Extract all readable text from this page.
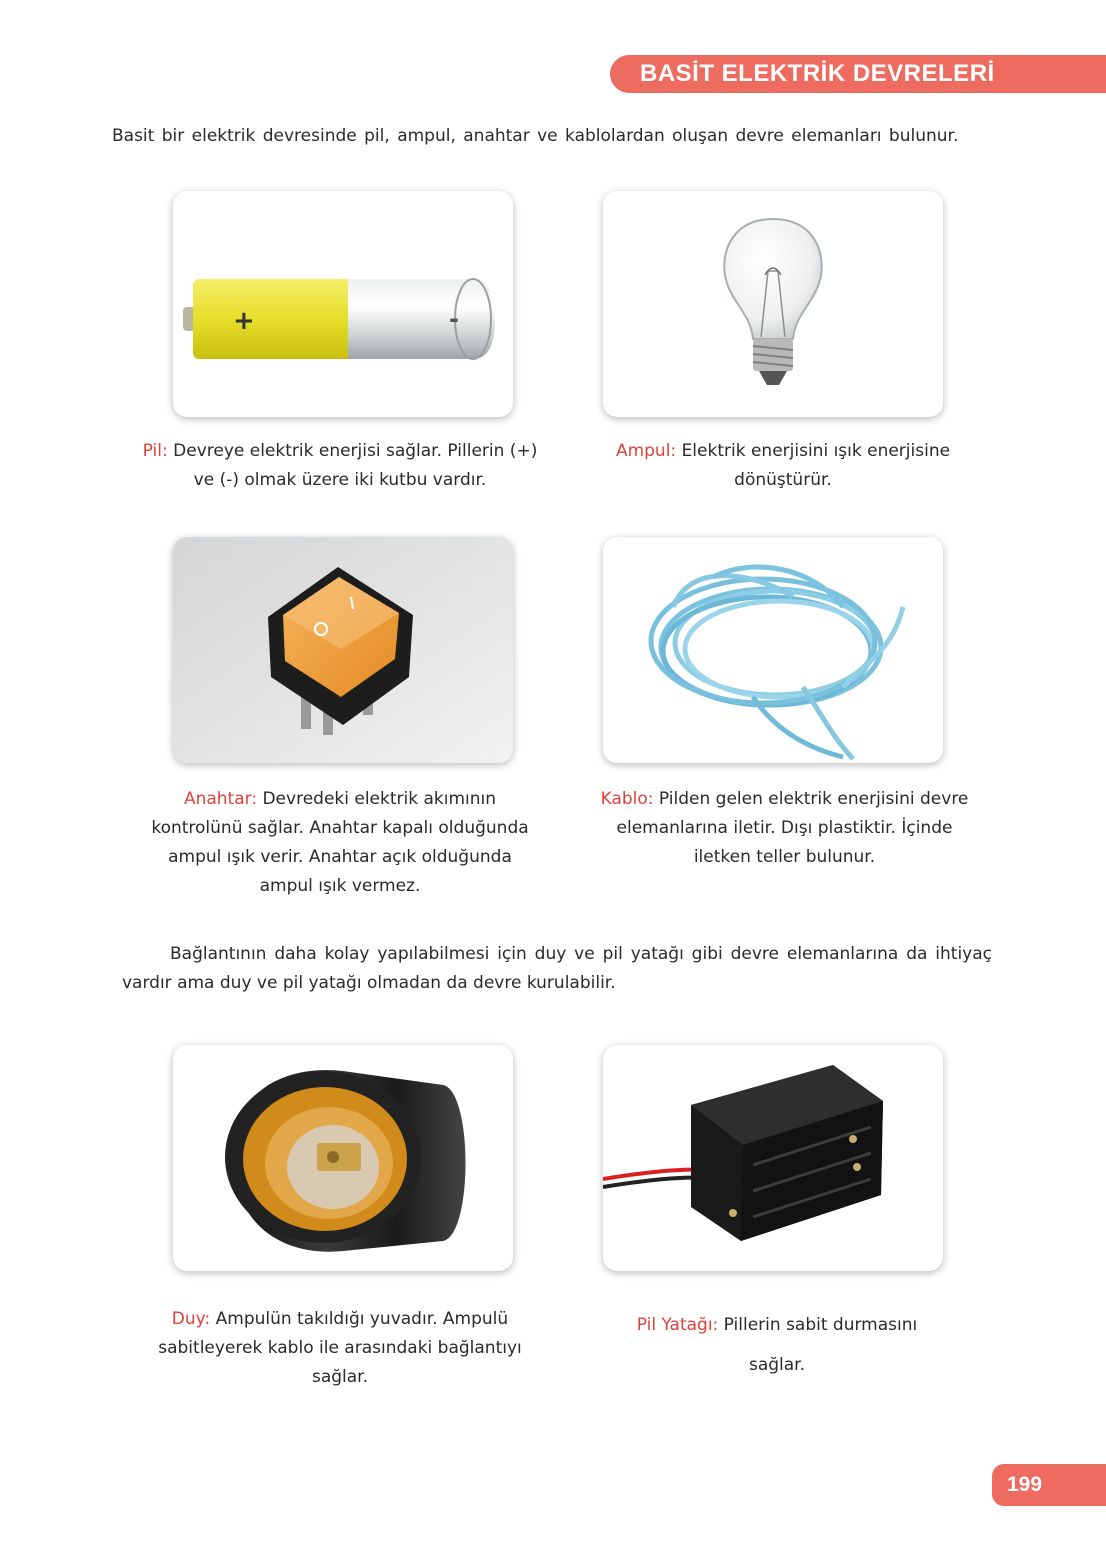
BASİT ELEKTRİK DEVRELERİ
Basit bir elektrik devresinde pil, ampul, anahtar ve kablolardan oluşan devre elemanları bulunur.
+	-
Pil: Devreye elektrik enerjisi sağlar. Pillerin (+) ve (-) olmak üzere iki kutbu vardır.
Ampul: Elektrik enerjisini ışık enerjisine dönüştürür.
Anahtar: Devredeki elektrik akımının kontrolünü sağlar. Anahtar kapalı olduğunda ampul ışık verir. Anahtar açık olduğunda ampul ışık vermez.
Kablo: Pilden gelen elektrik enerjisini devre elemanlarına iletir. Dışı plastiktir. İçinde iletken teller bulunur.
Bağlantının daha kolay yapılabilmesi için duy ve pil yatağı gibi devre elemanlarına da ihtiyaç vardır ama duy ve pil yatağı olmadan da devre kurulabilir.
Duy: Ampulün takıldığı yuvadır. Ampulü sabitleyerek kablo ile arasındaki bağlantıyı sağlar.
Pil Yatağı: Pillerin sabit durmasını sağlar.
199
